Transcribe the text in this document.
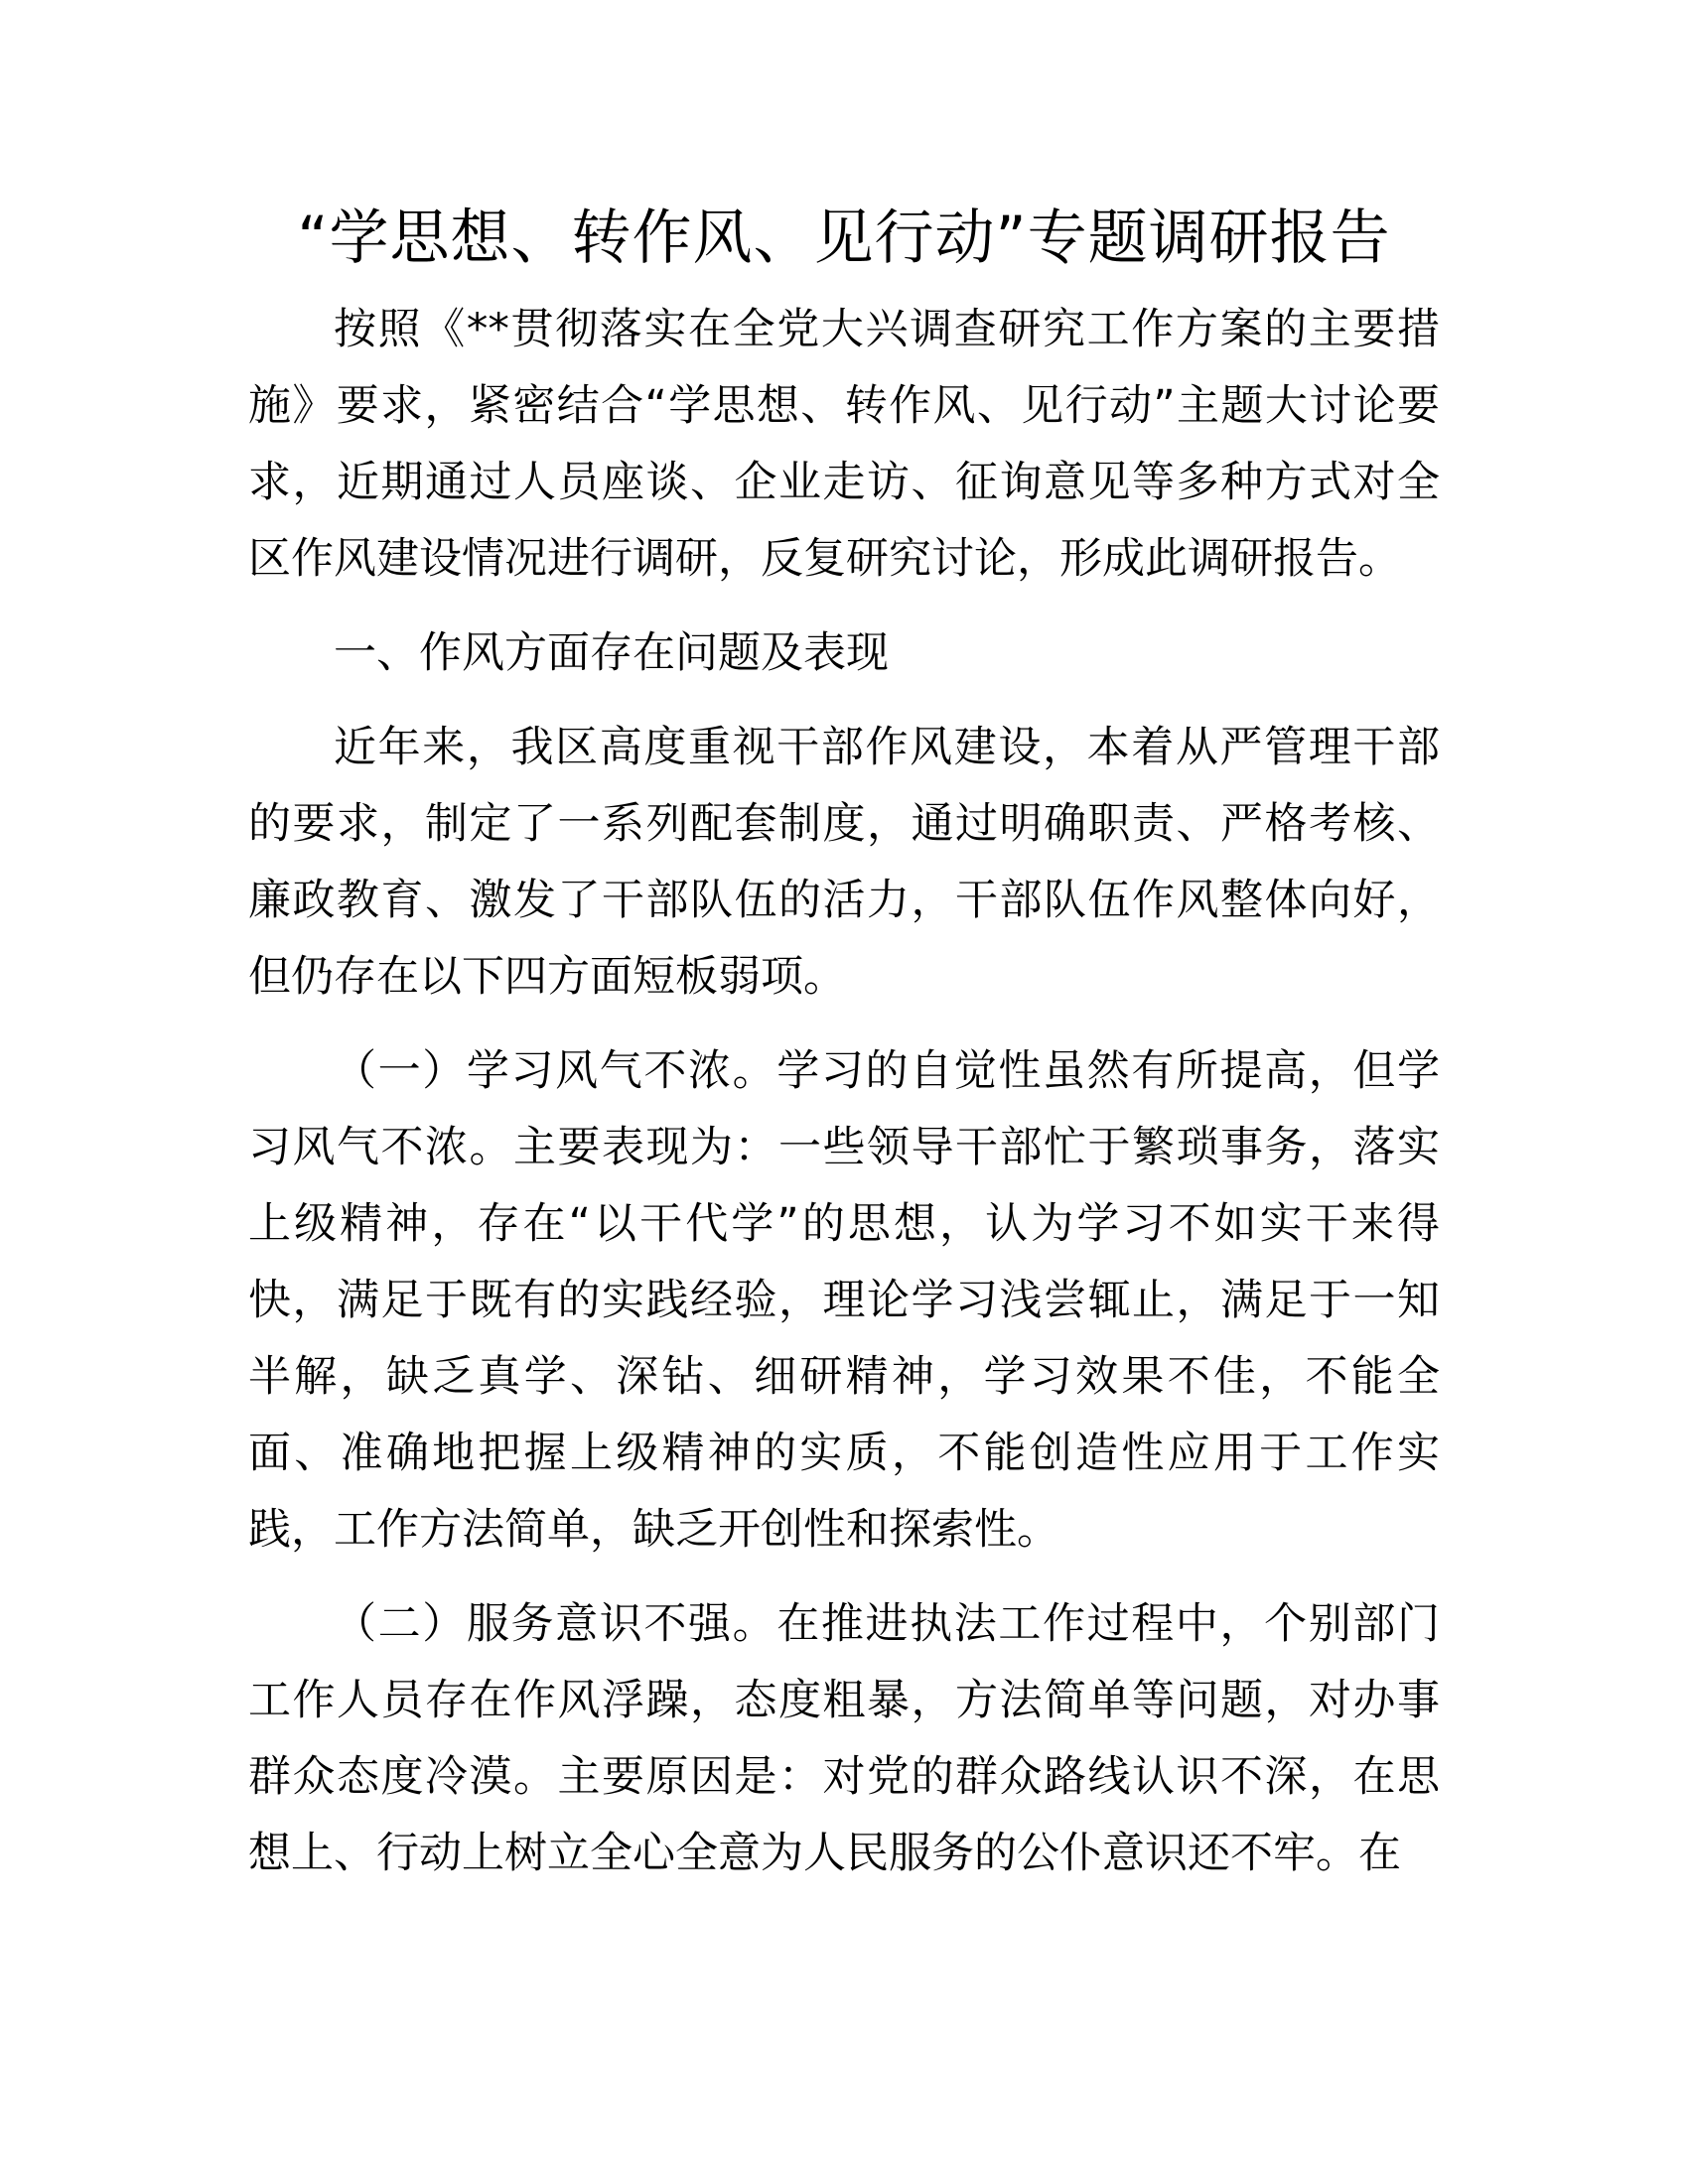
“学思想、转作风、见行动”专题调研报告

按照《**贯彻落实在全党大兴调查研究工作方案的主要措施》要求，紧密结合“学思想、转作风、见行动”主题大讨论要求，近期通过人员座谈、企业走访、征询意见等多种方式对全区作风建设情况进行调研，反复研究讨论，形成此调研报告。

一、作风方面存在问题及表现

近年来，我区高度重视干部作风建设，本着从严管理干部的要求，制定了一系列配套制度，通过明确职责、严格考核、廉政教育、激发了干部队伍的活力，干部队伍作风整体向好，但仍存在以下四方面短板弱项。

（一）学习风气不浓。学习的自觉性虽然有所提高，但学习风气不浓。主要表现为：一些领导干部忙于繁琐事务，落实上级精神，存在“以干代学”的思想，认为学习不如实干来得快，满足于既有的实践经验，理论学习浅尝辄止，满足于一知半解，缺乏真学、深钻、细研精神，学习效果不佳，不能全面、准确地把握上级精神的实质，不能创造性应用于工作实践，工作方法简单，缺乏开创性和探索性。

（二）服务意识不强。在推进执法工作过程中，个别部门工作人员存在作风浮躁，态度粗暴，方法简单等问题，对办事群众态度冷漠。主要原因是：对党的群众路线认识不深，在思想上、行动上树立全心全意为人民服务的公仆意识还不牢。在
